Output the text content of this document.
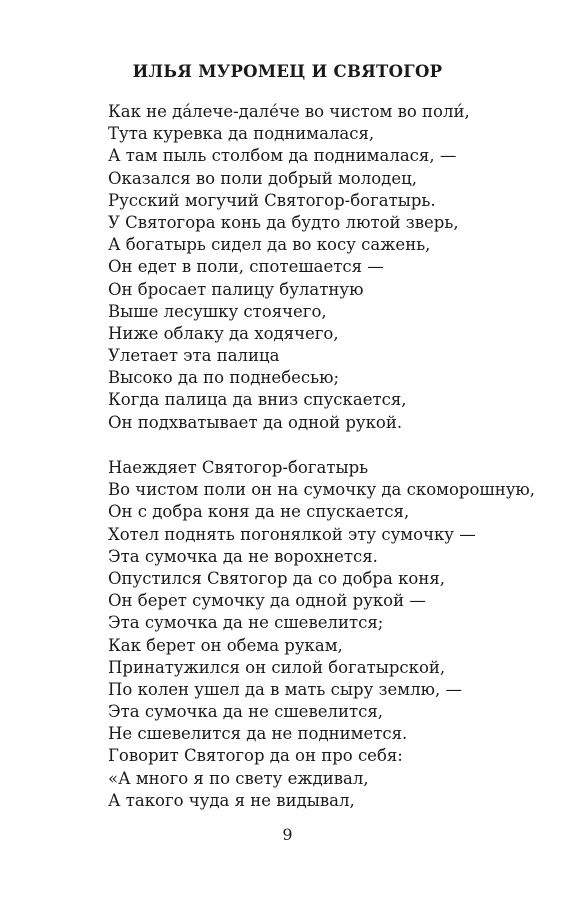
ИЛЬЯ МУРОМЕЦ И СВЯТОГОР
Как не да́лече-дале́че во чистом во поли́,
Тута куревка да поднималася,
А там пыль столбом да поднималася, —
Оказался во поли добрый молодец,
Русский могучий Святогор-богатырь.
У Святогора конь да будто лютой зверь,
А богатырь сидел да во косу сажень,
Он едет в поли, спотешается —
Он бросает палицу булатную
Выше лесушку стоячего,
Ниже облаку да ходячего,
Улетает эта палица
Высоко да по поднебесью;
Когда палица да вниз спускается,
Он подхватывает да одной рукой.
Наеждяет Святогор-богатырь
Во чистом поли он на сумочку да скоморошную,
Он с добра коня да не спускается,
Хотел поднять погонялкой эту сумочку —
Эта сумочка да не ворохнется.
Опустился Святогор да со добра коня,
Он берет сумочку да одной рукой —
Эта сумочка да не сшевелится;
Как берет он обема рукам,
Принатужился он силой богатырской,
По колен ушел да в мать сыру землю, —
Эта сумочка да не сшевелится,
Не сшевелится да не поднимется.
Говорит Святогор да он про себя:
«А много я по свету еждивал,
А такого чуда я не видывал,
9
